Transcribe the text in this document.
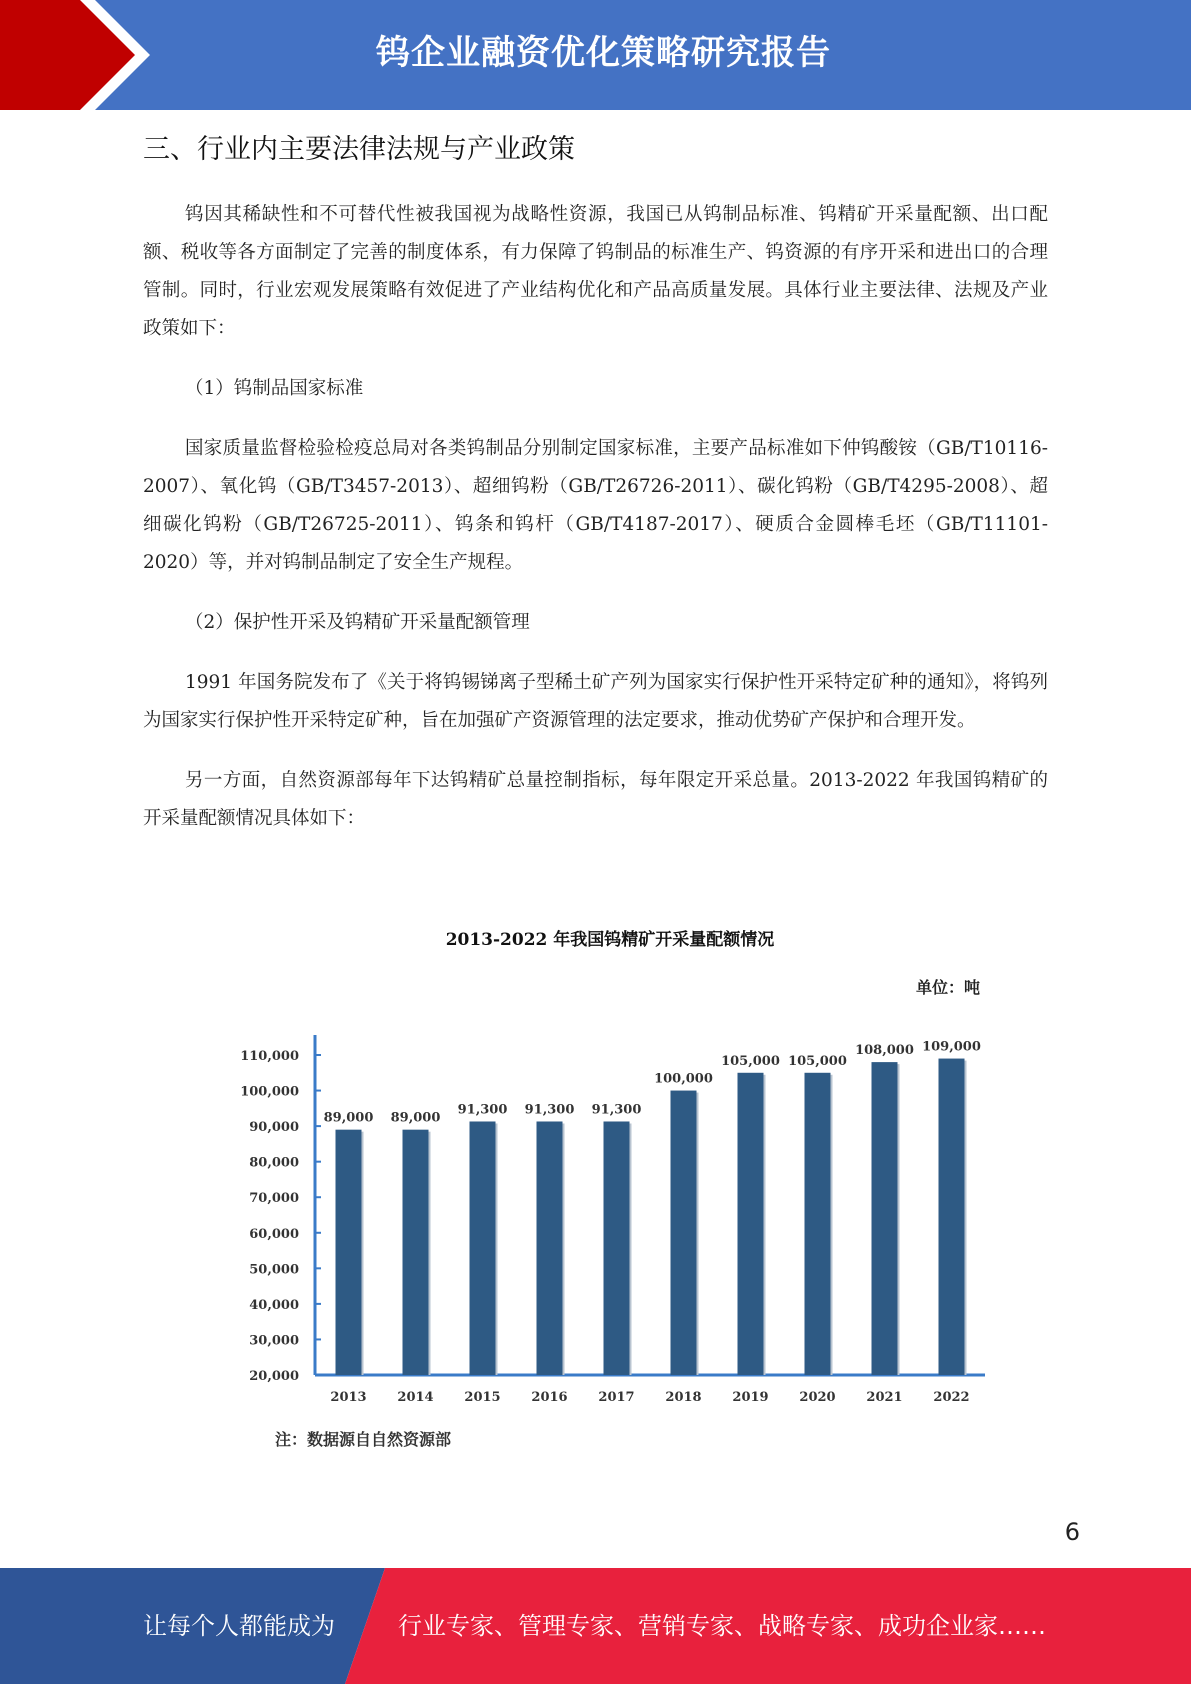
钨企业融资优化策略研究报告
三、行业内主要法律法规与产业政策

钨因其稀缺性和不可替代性被我国视为战略性资源，我国已从钨制品标准、钨精矿开采量配额、出口配额、税收等各方面制定了完善的制度体系，有力保障了钨制品的标准生产、钨资源的有序开采和进出口的合理管制。同时，行业宏观发展策略有效促进了产业结构优化和产品高质量发展。具体行业主要法律、法规及产业政策如下：

（1）钨制品国家标准

国家质量监督检验检疫总局对各类钨制品分别制定国家标准，主要产品标准如下仲钨酸铵（GB/T10116-2007）、氧化钨（GB/T3457-2013）、超细钨粉（GB/T26726-2011）、碳化钨粉（GB/T4295-2008）、超细碳化钨粉（GB/T26725-2011）、钨条和钨杆（GB/T4187-2017）、硬质合金圆棒毛坯（GB/T11101-2020）等，并对钨制品制定了安全生产规程。

（2）保护性开采及钨精矿开采量配额管理

1991 年国务院发布了《关于将钨锡锑离子型稀土矿产列为国家实行保护性开采特定矿种的通知》，将钨列为国家实行保护性开采特定矿种，旨在加强矿产资源管理的法定要求，推动优势矿产保护和合理开发。

另一方面，自然资源部每年下达钨精矿总量控制指标，每年限定开采总量。2013-2022 年我国钨精矿的开采量配额情况具体如下：

2013-2022 年我国钨精矿开采量配额情况
单位：吨
20,000
30,000
40,000
50,000
60,000
70,000
80,000
90,000
100,000
110,000
89,000
2013
89,000
2014
91,300
2015
91,300
2016
91,300
2017
100,000
2018
105,000
2019
105,000
2020
108,000
2021
109,000
2022
注：数据源自自然资源部
6
让每个人都能成为	行业专家、管理专家、营销专家、战略专家、成功企业家……
